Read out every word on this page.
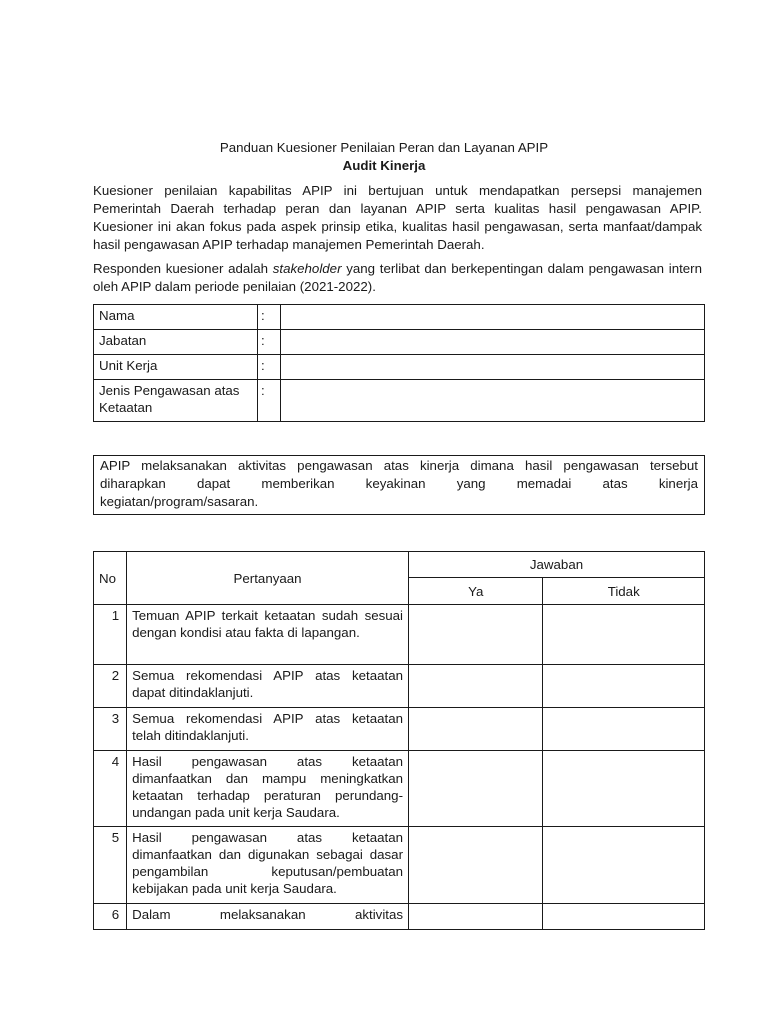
Panduan Kuesioner Penilaian Peran dan Layanan APIP
Audit Kinerja

Kuesioner penilaian kapabilitas APIP ini bertujuan untuk mendapatkan persepsi manajemen Pemerintah Daerah terhadap peran dan layanan APIP serta kualitas hasil pengawasan APIP. Kuesioner ini akan fokus pada aspek prinsip etika, kualitas hasil pengawasan, serta manfaat/dampak hasil pengawasan APIP terhadap manajemen Pemerintah Daerah.

Responden kuesioner adalah stakeholder yang terlibat dan berkepentingan dalam pengawasan intern oleh APIP dalam periode penilaian (2021-2022).

Nama	:	
Jabatan	:	
Unit Kerja	:	
Jenis Pengawasan atas Ketaatan	:	
APIP melaksanakan aktivitas pengawasan atas kinerja dimana hasil pengawasan tersebut
diharapkan dapat memberikan keyakinan yang memadai atas kinerja
kegiatan/program/sasaran.
No	Pertanyaan	Jawaban	
		Ya	Tidak
1	Temuan APIP terkait ketaatan sudah sesuai dengan kondisi atau fakta di lapangan.		
2	Semua rekomendasi APIP atas ketaatan dapat ditindaklanjuti.		
3	Semua rekomendasi APIP atas ketaatan telah ditindaklanjuti.		
4	Hasil pengawasan atas ketaatan dimanfaatkan dan mampu meningkatkan ketaatan terhadap peraturan perundang-undangan pada unit kerja Saudara.		
5	Hasil pengawasan atas ketaatan dimanfaatkan dan digunakan sebagai dasar pengambilan keputusan/pembuatan kebijakan pada unit kerja Saudara.		
6	Dalam melaksanakan aktivitas		
